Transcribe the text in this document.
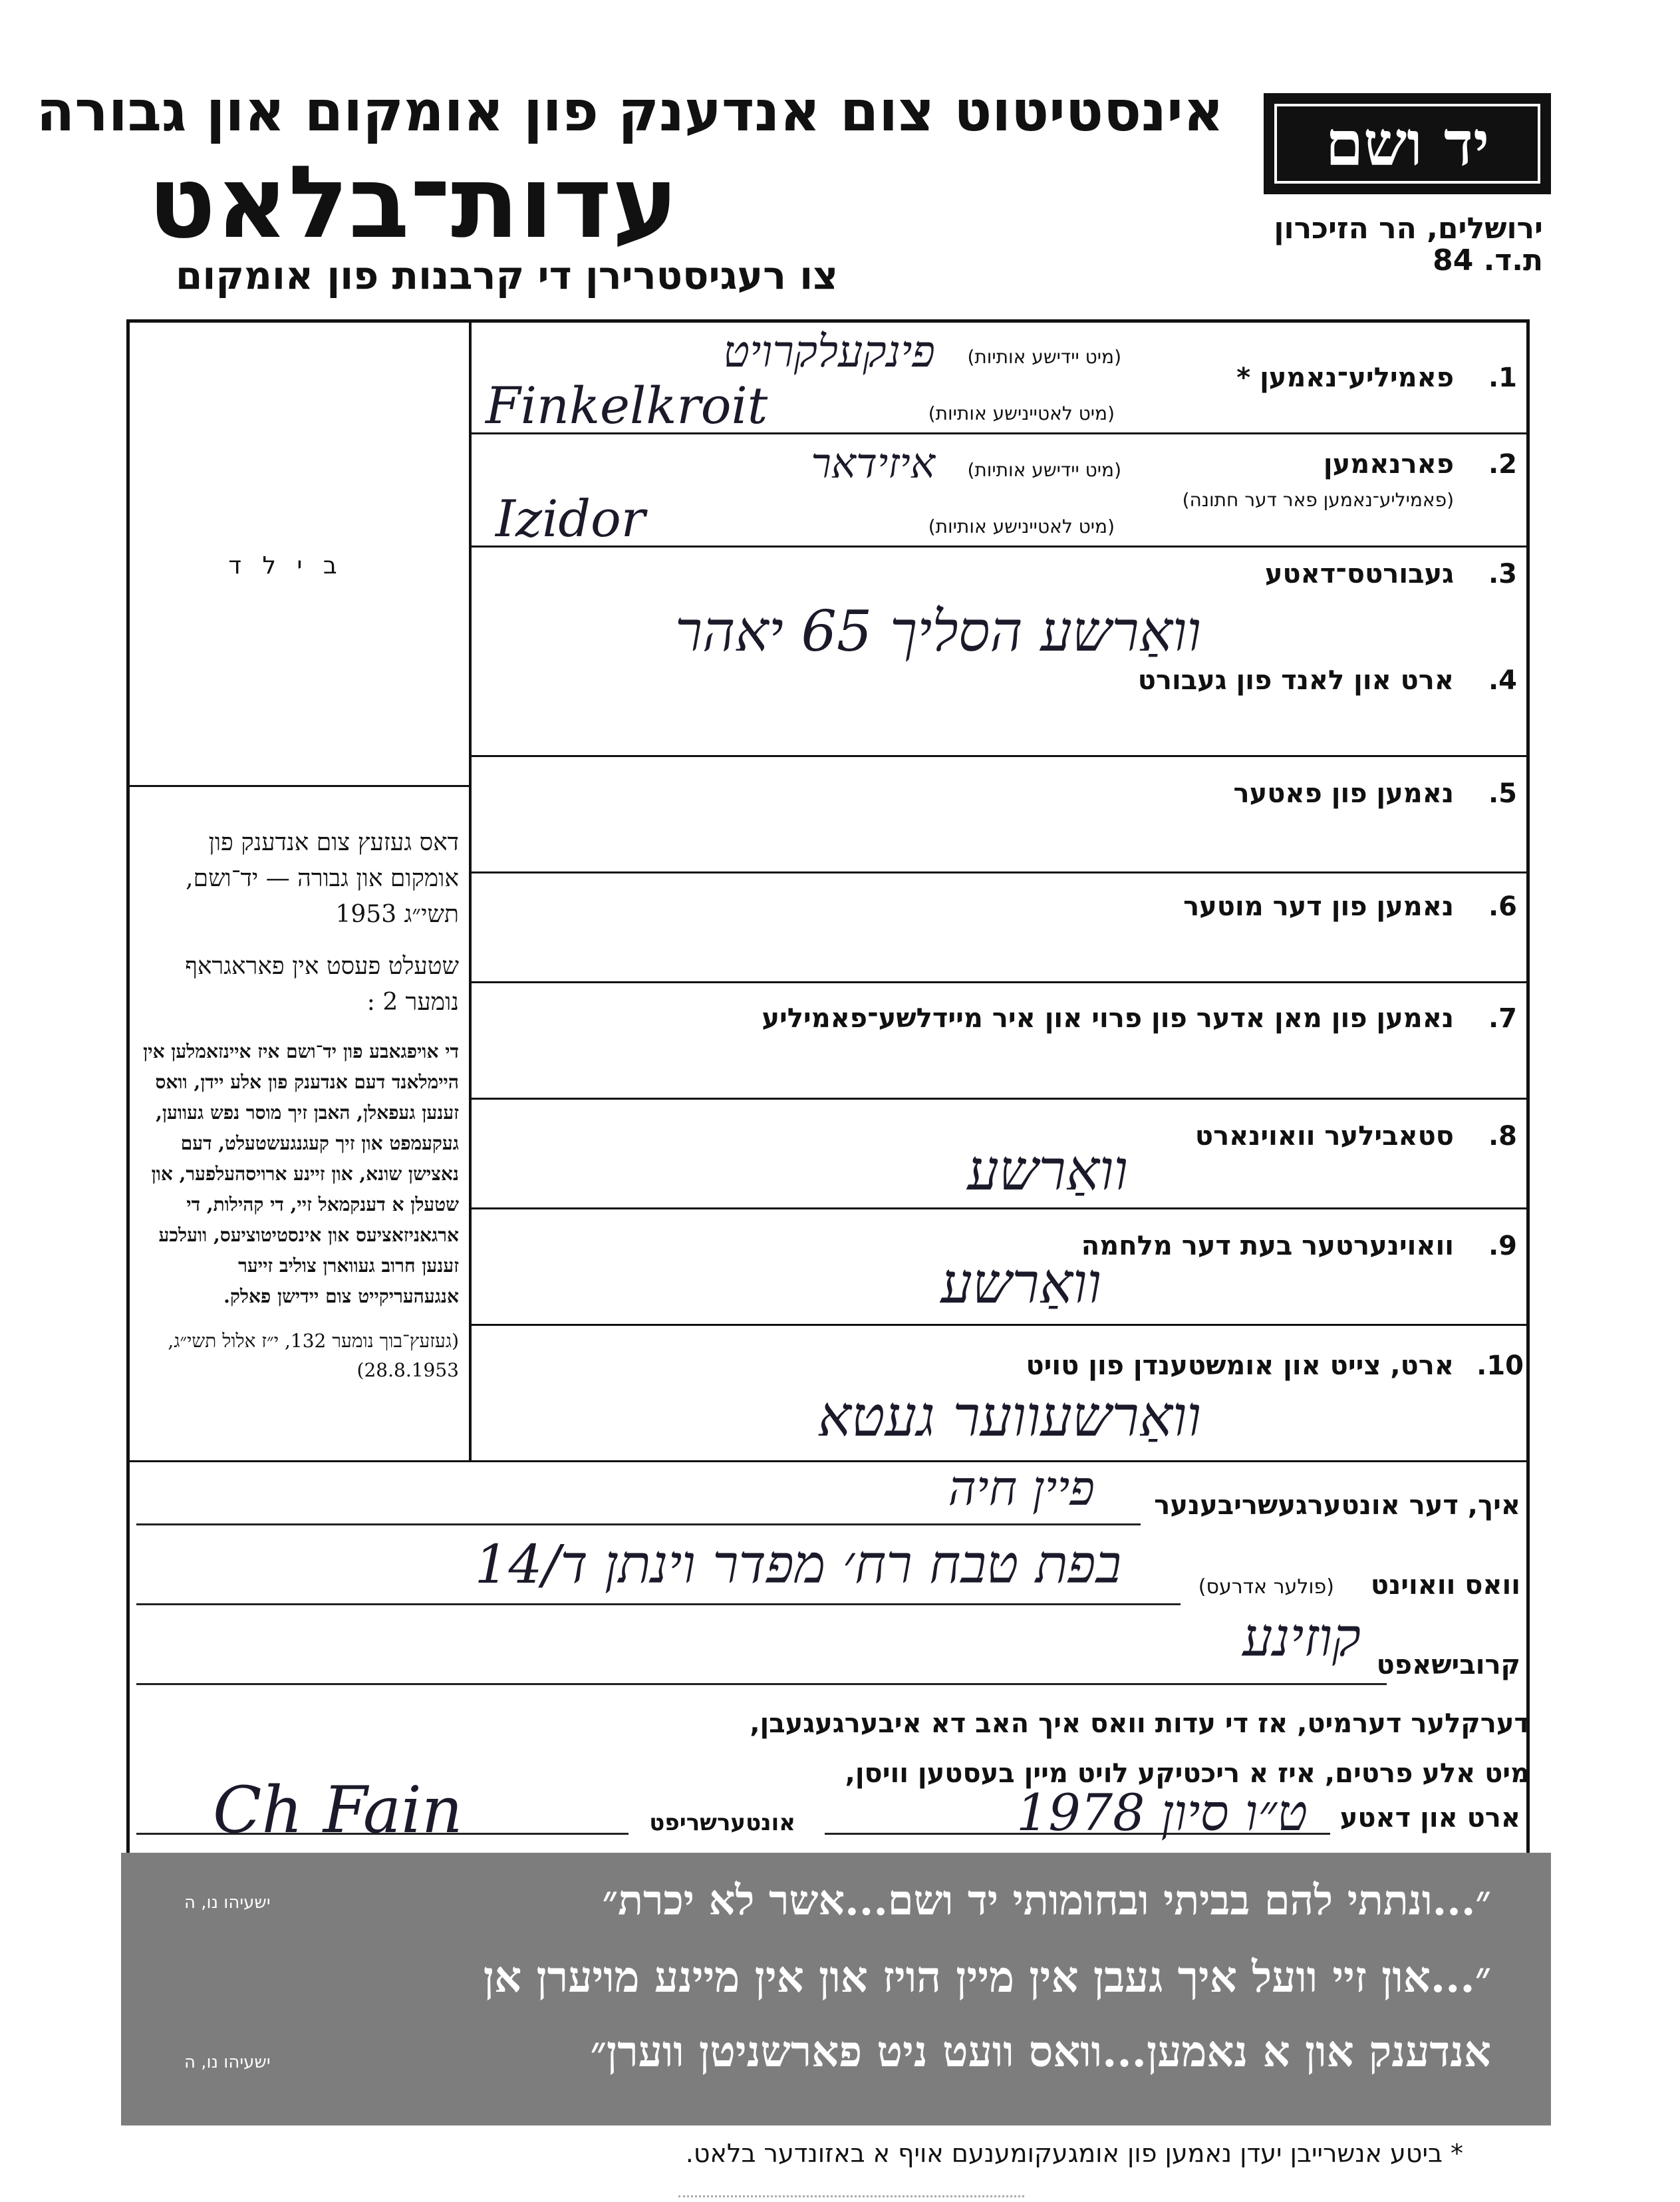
יד ושם
ירושלים, הר הזיכרון
ת.ד. 84
אינסטיטוט צום אנדענק פון אומקום און גבורה
עדות־בלאט
צו רעגיסטרירן די קרבנות פון אומקום
ב י ל ד
דאס געזעץ צום אנדענק פון אומקום און גבורה — יד־ושם, תשי״ג 1953
שטעלט פעסט אין פאראגראף נומער 2 :
די אויפגאבע פון יד־ושם איז איינזאמלען אין היימלאנד דעם אנדענק פון אלע יידן, וואס זענען געפאלן, האבן זיך מוסר נפש געווען, געקעמפט און זיך קעגנגעשטעלט, דעם נאצישן שונא, און זיינע ארויסהעלפער, און שטעלן א דענקמאל זיי, די קהילות, די ארגאניזאציעס און אינסטיטוציעס, וועלכע זענען חרוב געווארן צוליב זייער אנגעהעריקייט צום יידישן פאלק.
(געזעץ־בוך נומער 132, י״ז אלול תשי״ג, 28.8.1953)
1.
פאמיליע־נאמען *
(מיט יידישע אותיות)
פינקעלקרויט
(מיט לאטיינישע אותיות)
Finkelkroit
2.
פארנאמען
(פאמיליע־נאמען פאר דער חתונה)
(מיט יידישע אותיות)
איזידאר
(מיט לאטיינישע אותיות)
Izidor
3.
געבורטס־דאטע
וואַרשע הסליך 65 יאהר
4.
ארט און לאנד פון געבורט
5.
נאמען פון פאטער
6.
נאמען פון דער מוטער
7.
נאמען פון מאן אדער פון פרוי און איר מיידלשע־פאמיליע
8.
סטאבילער וואוינארט
וואַרשע
9.
וואוינערטער בעת דער מלחמה
וואַרשע
10.
ארט, צייט און אומשטענדן פון טויט
וואַרשעווער געטא
איך, דער אונטערגעשריבענער
פיין חיה
וואס וואוינט
(פולער אדרעס)
בפת טבח רח׳ מפדר וינתן ד/14
קרובישאפט
קוזינע
דערקלער דערמיט, אז די עדות וואס איך האב דא איבערגעגעבן,
מיט אלע פרטים, איז א ריכטיקע לויט מיין בעסטען וויסן,
ארט און דאטע
ט״ו סיון 1978
אונטערשריפט
Ch Fain
״...ונתתי להם בביתי ובחומותי יד ושם...אשר לא יכרת״
ישעיהו נו, ה
״...און זיי וועל איך געבן אין מיין הויז און אין מיינע מויערן אן
אנדענק און א נאמען...וואס וועט ניט פארשניטן ווערן״
ישעיהו נו, ה
* ביטע אנשרייבן יעדן נאמען פון אומגעקומענעם אויף א באזונדער בלאט.
